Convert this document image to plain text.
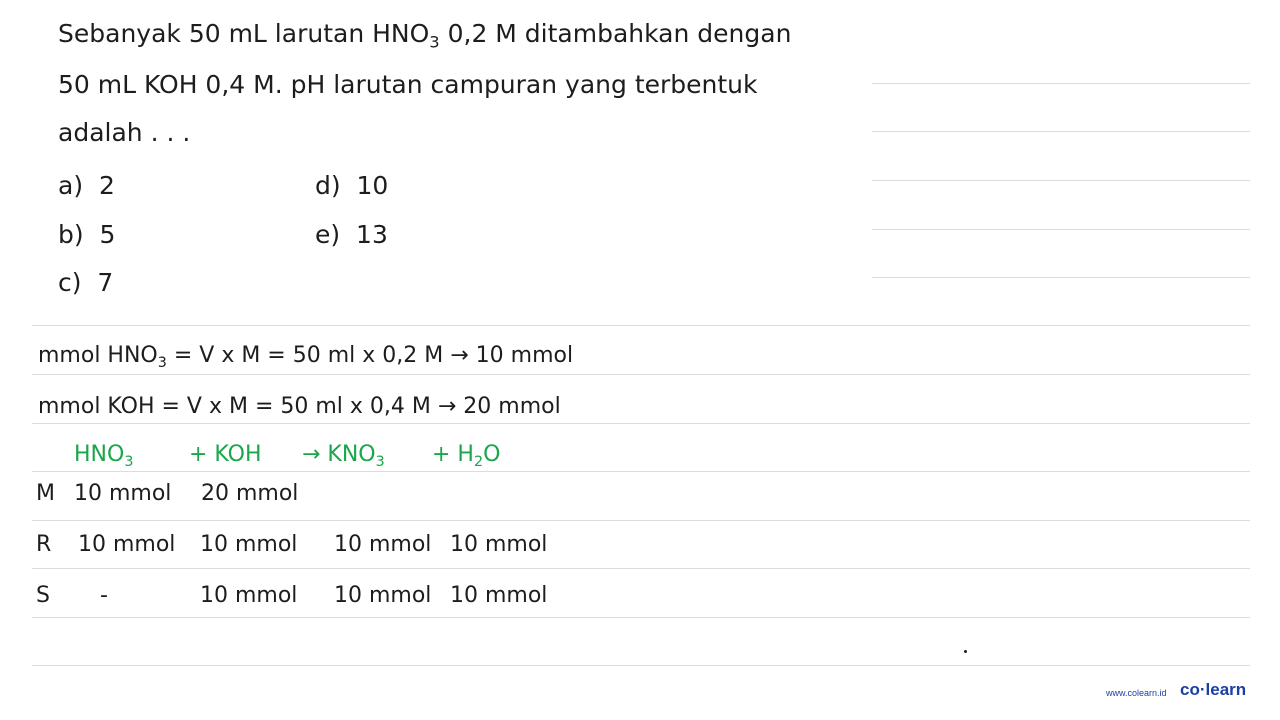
Sebanyak 50 mL larutan $HNO_3$ 0,2 M ditambahkan dengan
50 mL KOH 0,4 M. pH larutan campuran yang terbentuk
adalah . . .
a) 2
b) 5
c) 7
d) 10
e) 13
mmol $HNO_3 = V$ x M = 50 ml x 0,2 M → 10 mmol
mmol KOH = V x M = 50 ml x 0,4 M → 20 mmol
$HNO_3$	+ KOH → $KNO_3 + H_2O$
M 10 mmol 20 mmol
R 10 mmol 10 mmol 10 mmol 10 mmol
S -	10 mmol 10 mmol 10 mmol
www.colearn.id co·learn
